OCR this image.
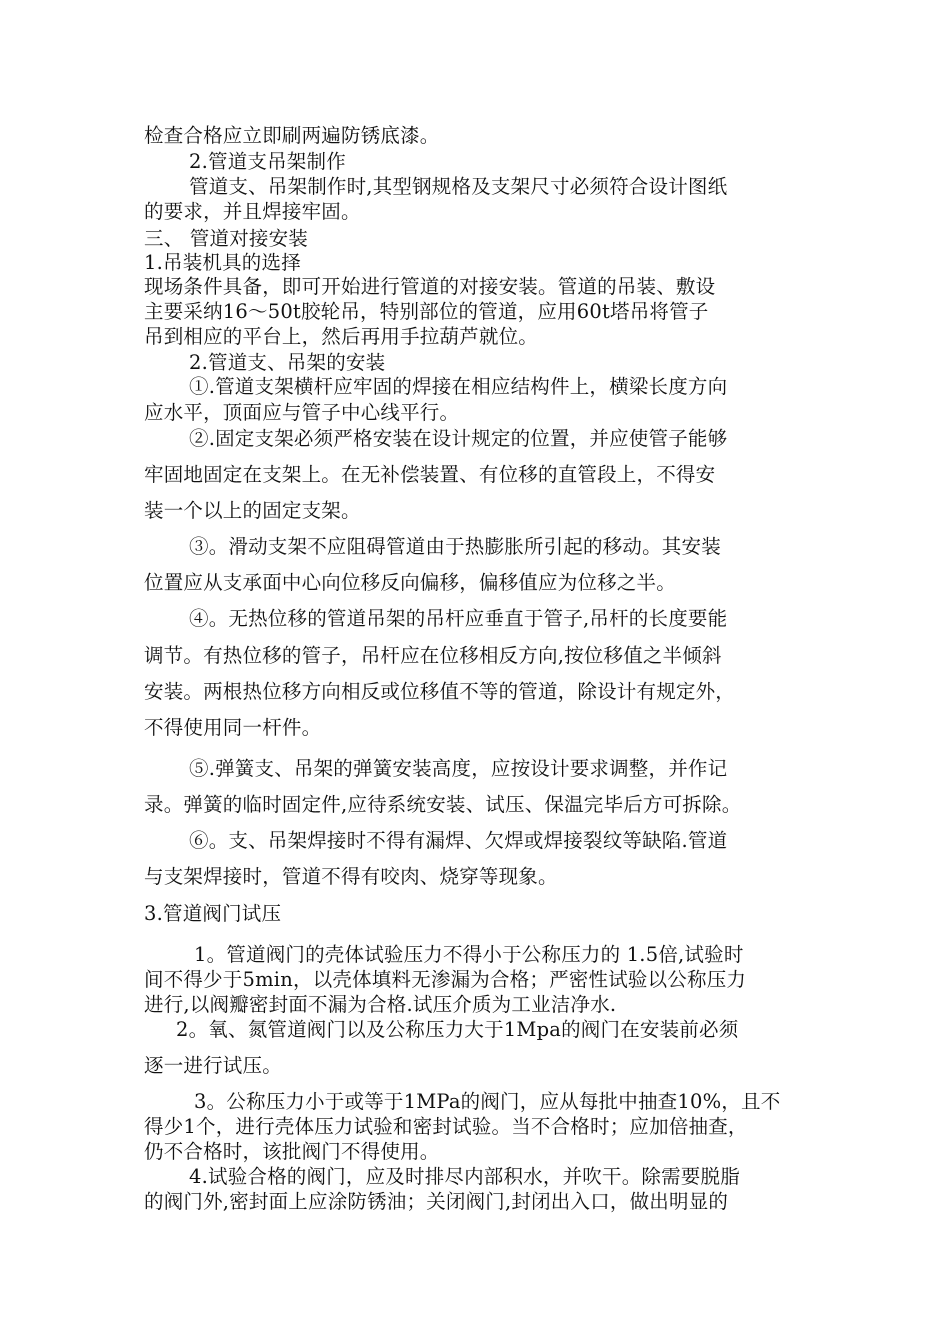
检查合格应立即刷两遍防锈底漆。
2.管道支吊架制作
管道支、吊架制作时,其型钢规格及支架尺寸必须符合设计图纸
的要求，并且焊接牢固。
三、 管道对接安装
1.吊装机具的选择
现场条件具备，即可开始进行管道的对接安装。管道的吊装、敷设
主要采纳16～50t胶轮吊，特别部位的管道，应用60t塔吊将管子
吊到相应的平台上，然后再用手拉葫芦就位。
2.管道支、吊架的安装
①.管道支架横杆应牢固的焊接在相应结构件上，横梁长度方向
应水平，顶面应与管子中心线平行。
②.固定支架必须严格安装在设计规定的位置，并应使管子能够
牢固地固定在支架上。在无补偿装置、有位移的直管段上，不得安
装一个以上的固定支架。
③。滑动支架不应阻碍管道由于热膨胀所引起的移动。其安装
位置应从支承面中心向位移反向偏移，偏移值应为位移之半。
④。无热位移的管道吊架的吊杆应垂直于管子,吊杆的长度要能
调节。有热位移的管子，吊杆应在位移相反方向,按位移值之半倾斜
安装。两根热位移方向相反或位移值不等的管道，除设计有规定外，
不得使用同一杆件。
⑤.弹簧支、吊架的弹簧安装高度，应按设计要求调整，并作记
录。弹簧的临时固定件,应待系统安装、试压、保温完毕后方可拆除。
⑥。支、吊架焊接时不得有漏焊、欠焊或焊接裂纹等缺陷.管道
与支架焊接时，管道不得有咬肉、烧穿等现象。
3.管道阀门试压
1。管道阀门的壳体试验压力不得小于公称压力的 1.5倍,试验时
间不得少于5min，以壳体填料无渗漏为合格；严密性试验以公称压力
进行,以阀瓣密封面不漏为合格.试压介质为工业洁净水.
2。氧、氮管道阀门以及公称压力大于1Mpa的阀门在安装前必须
逐一进行试压。
3。公称压力小于或等于1MPa的阀门，应从每批中抽查10%，且不
得少1个，进行壳体压力试验和密封试验。当不合格时；应加倍抽查，
仍不合格时，该批阀门不得使用。
4.试验合格的阀门，应及时排尽内部积水，并吹干。除需要脱脂
的阀门外,密封面上应涂防锈油；关闭阀门,封闭出入口，做出明显的
